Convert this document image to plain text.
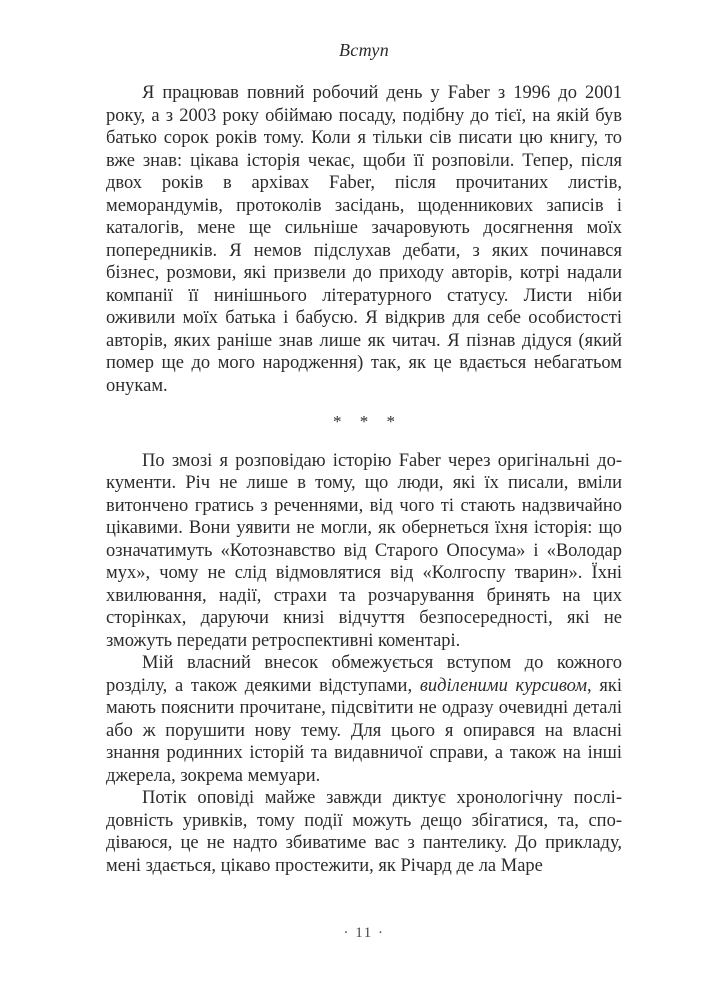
Вступ

Я працював повний робочий день у Faber з 1996 до 2001 року, а з 2003 року обіймаю посаду, подібну до тієї, на якій був батько сорок років тому. Коли я тільки сів писати цю книгу, то вже знав: цікава історія чекає, щоби її розповіли. Тепер, після двох років в архівах Faber, після прочитаних листів, меморандумів, протоколів засідань, щоденникових записів і каталогів, мене ще сильніше зачаровують досягнення моїх попередників. Я немов підслухав дебати, з яких починався бізнес, розмови, які призвели до приходу авторів, котрі надали компанії її нинішнього літературного статусу. Листи ніби оживили моїх батька і бабусю. Я відкрив для себе особистості авторів, яких раніше знав лише як читач. Я пізнав дідуся (який помер ще до мого народження) так, як це вдається небагатьом онукам.

* * *

По змозі я розповідаю історію Faber через оригінальні документи. Річ не лише в тому, що люди, які їх писали, вміли витончено гратись з реченнями, від чого ті стають надзвичайно цікавими. Вони уявити не могли, як обернеться їхня історія: що означатимуть «Котознавство від Старого Опосума» і «Володар мух», чому не слід відмовлятися від «Колгоспу тварин». Їхні хвилювання, надії, страхи та розчарування бринять на цих сторінках, даруючи книзі відчуття безпосередності, які не зможуть передати ретроспективні коментарі.

Мій власний внесок обмежується вступом до кожного розділу, а також деякими відступами, виділеними курсивом, які мають пояснити прочитане, підсвітити не одразу очевидні деталі або ж порушити нову тему. Для цього я опирався на власні знання родинних історій та видавничої справи, а також на інші джерела, зокрема мемуари.

Потік оповіді майже завжди диктує хронологічну послідовність уривків, тому події можуть дещо збігатися, та, сподіваюся, це не надто збиватиме вас з пантелику. До прикладу, мені здається, цікаво простежити, як Річард де ла Маре

· 11 ·
